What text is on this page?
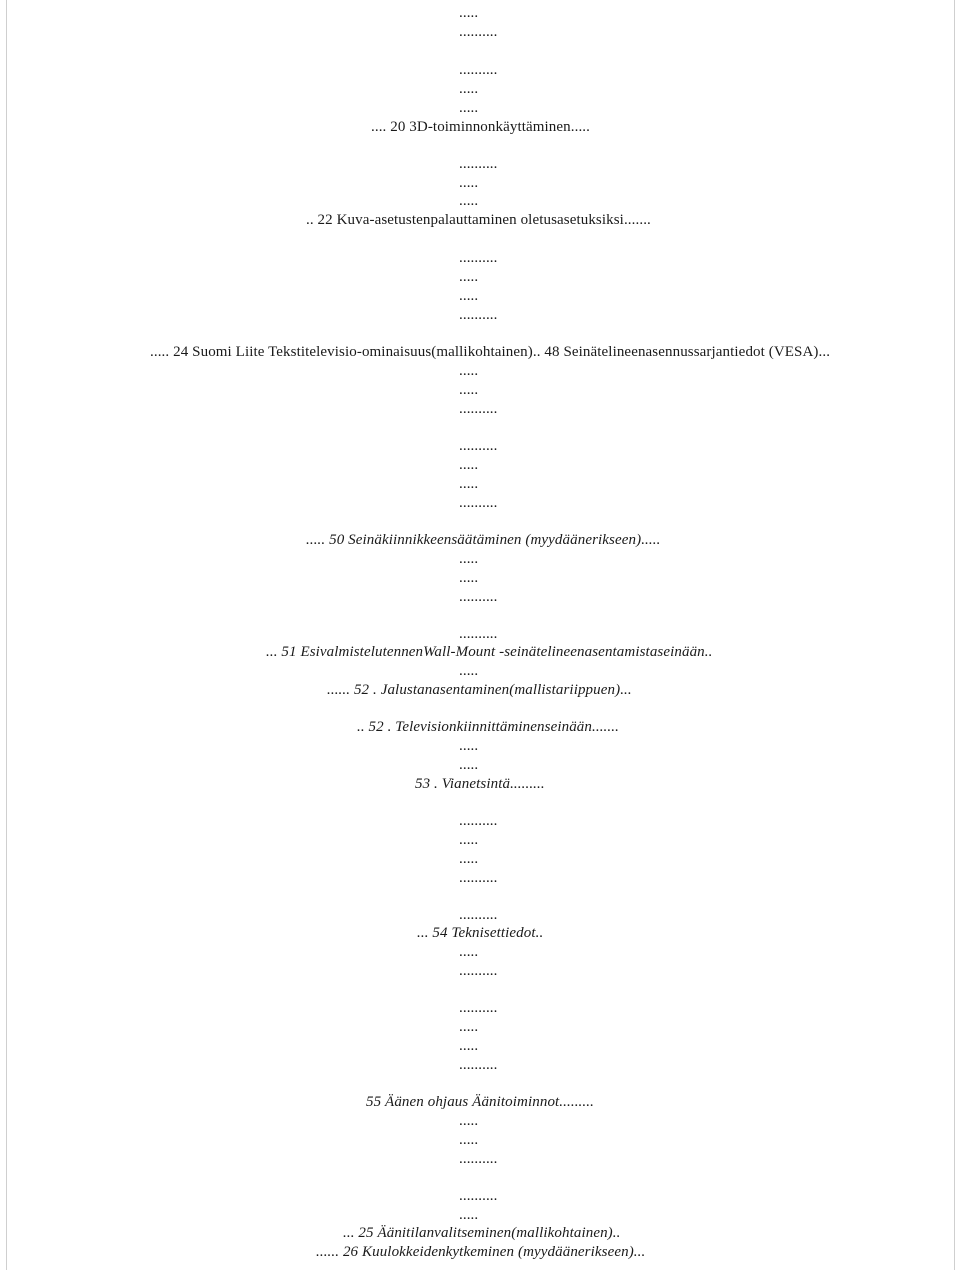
.....
..........
..........
.....
.....
.... 20 3D-toiminnonkäyttäminen.....
..........
.....
.....
.. 22 Kuva-asetustenpalauttaminen oletusasetuksiksi.......
..........
.....
.....
..........
..... 24 Suomi Liite Tekstitelevisio-ominaisuus(mallikohtainen).. 48 Seinätelineenasennussarjantiedot (VESA)...
.....
.....
..........
..........
.....
.....
..........
..... 50 Seinäkiinnikkeensäätäminen (myydäänerikseen).....
.....
.....
..........
..........
... 51 EsivalmistelutennenWall-Mount -seinätelineenasentamistaseinään..
.....
...... 52 . Jalustanasentaminen(mallistariippuen)...
.. 52 . Televisionkiinnittäminenseinään.......
.....
.....
53 . Vianetsintä.........
..........
.....
.....
..........
..........
... 54 Teknisettiedot..
.....
..........
..........
.....
.....
..........
55 Äänen ohjaus Äänitoiminnot.........
.....
.....
..........
..........
.....
... 25 Äänitilanvalitseminen(mallikohtainen)..
...... 26 Kuulokkeidenkytkeminen (myydäänerikseen)...
